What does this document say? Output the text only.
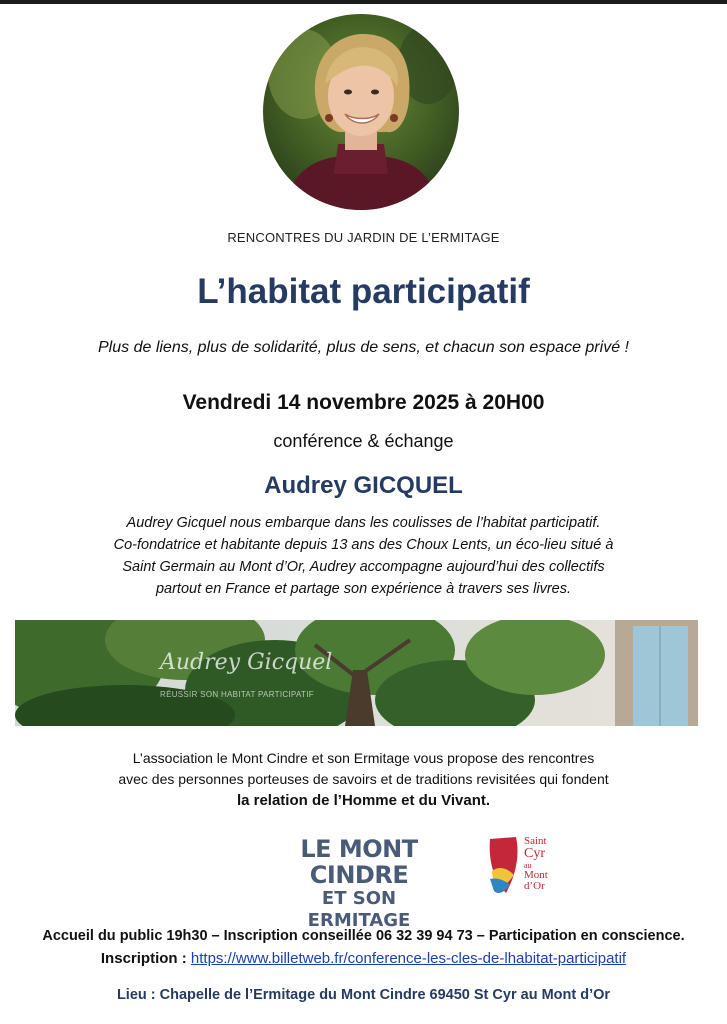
RENCONTRES DU JARDIN DE L’ERMITAGE
L’habitat participatif
Plus de liens, plus de solidarité, plus de sens, et chacun son espace privé !
Vendredi 14 novembre 2025 à 20H00
conférence & échange
Audrey GICQUEL

Audrey Gicquel nous embarque dans les coulisses de l’habitat participatif.

Co-fondatrice et habitante depuis 13 ans des Choux Lents, un éco-lieu situé à

Saint Germain au Mont d’Or, Audrey accompagne aujourd’hui des collectifs

partout en France et partage son expérience à travers ses livres.

Audrey Gicquel
RÉUSSIR SON HABITAT PARTICIPATIF

L’association le Mont Cindre et son Ermitage vous propose des rencontres

avec des personnes porteuses de savoirs et de traditions revisitées qui fondent

la relation de l’Homme et du Vivant.

LE MONT CINDRE
ET SON ERMITAGE
Saint
Cyr
au
Mont
d’Or
Accueil du public 19h30 – Inscription conseillée 06 32 39 94 73 – Participation en conscience.
Inscription : https://www.billetweb.fr/conference-les-cles-de-lhabitat-participatif
Lieu : Chapelle de l’Ermitage du Mont Cindre 69450 St Cyr au Mont d’Or
